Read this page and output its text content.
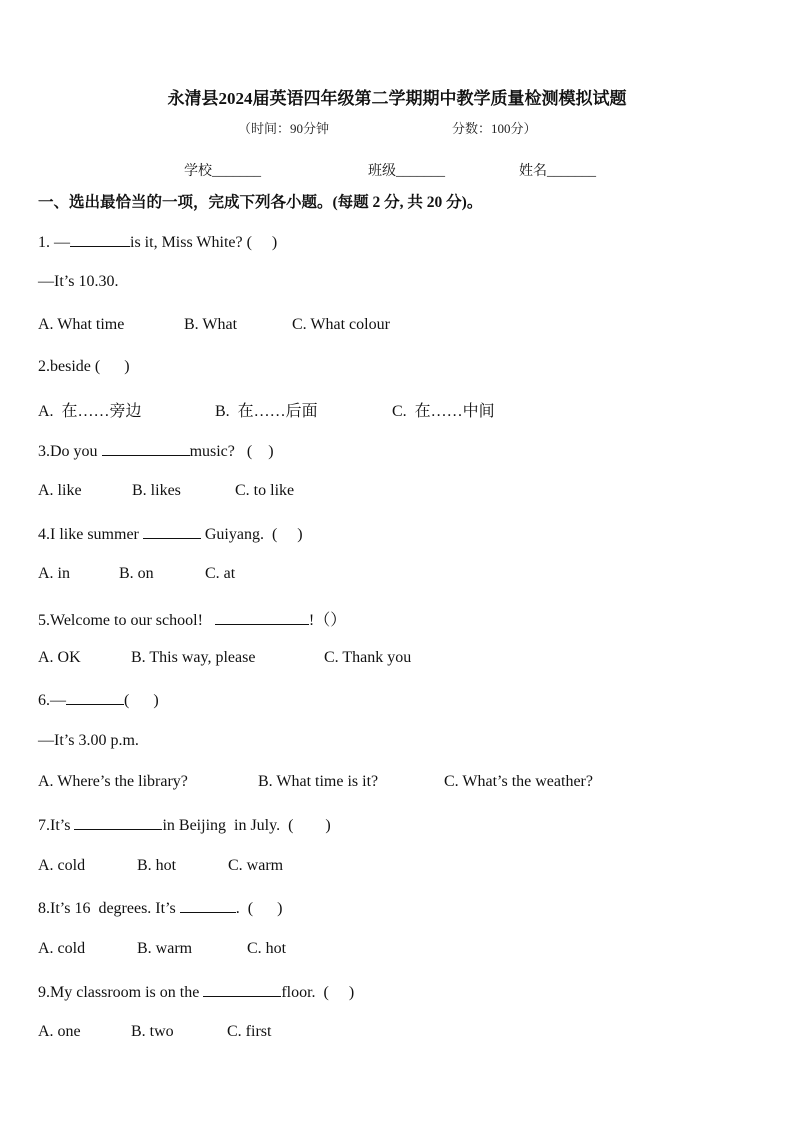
永清县2024届英语四年级第二学期期中教学质量检测模拟试题
（时间：90分钟	分数：100分）
学校_______	班级_______	姓名_______
一、选出最恰当的一项，完成下列各小题。(每题 2 分, 共 20 分)。
1. —	is it, Miss White? (     )
—It’s 10.30.
A. What time	B. What	C. What colour
2.beside (      )
A.  在……旁边	B.  在……后面	C.  在……中间
3.Do you	music?   (    )
A. like	B. likes	C. to like
4.I like summer	Guiyang.  (     )
A. in	B. on	C. at
5.Welcome to our school!	!（）
A. OK	B. This way, please	C. Thank you
6.—	(      )
—It’s 3.00 p.m.
A. Where’s the library?	B. What time is it?	C. What’s the weather?
7.It’s	in Beijing  in July.  (        )
A. cold	B. hot	C. warm
8.It’s 16  degrees. It’s	.  (      )
A. cold	B. warm	C. hot
9.My classroom is on the	floor.  (     )
A. one	B. two	C. first
